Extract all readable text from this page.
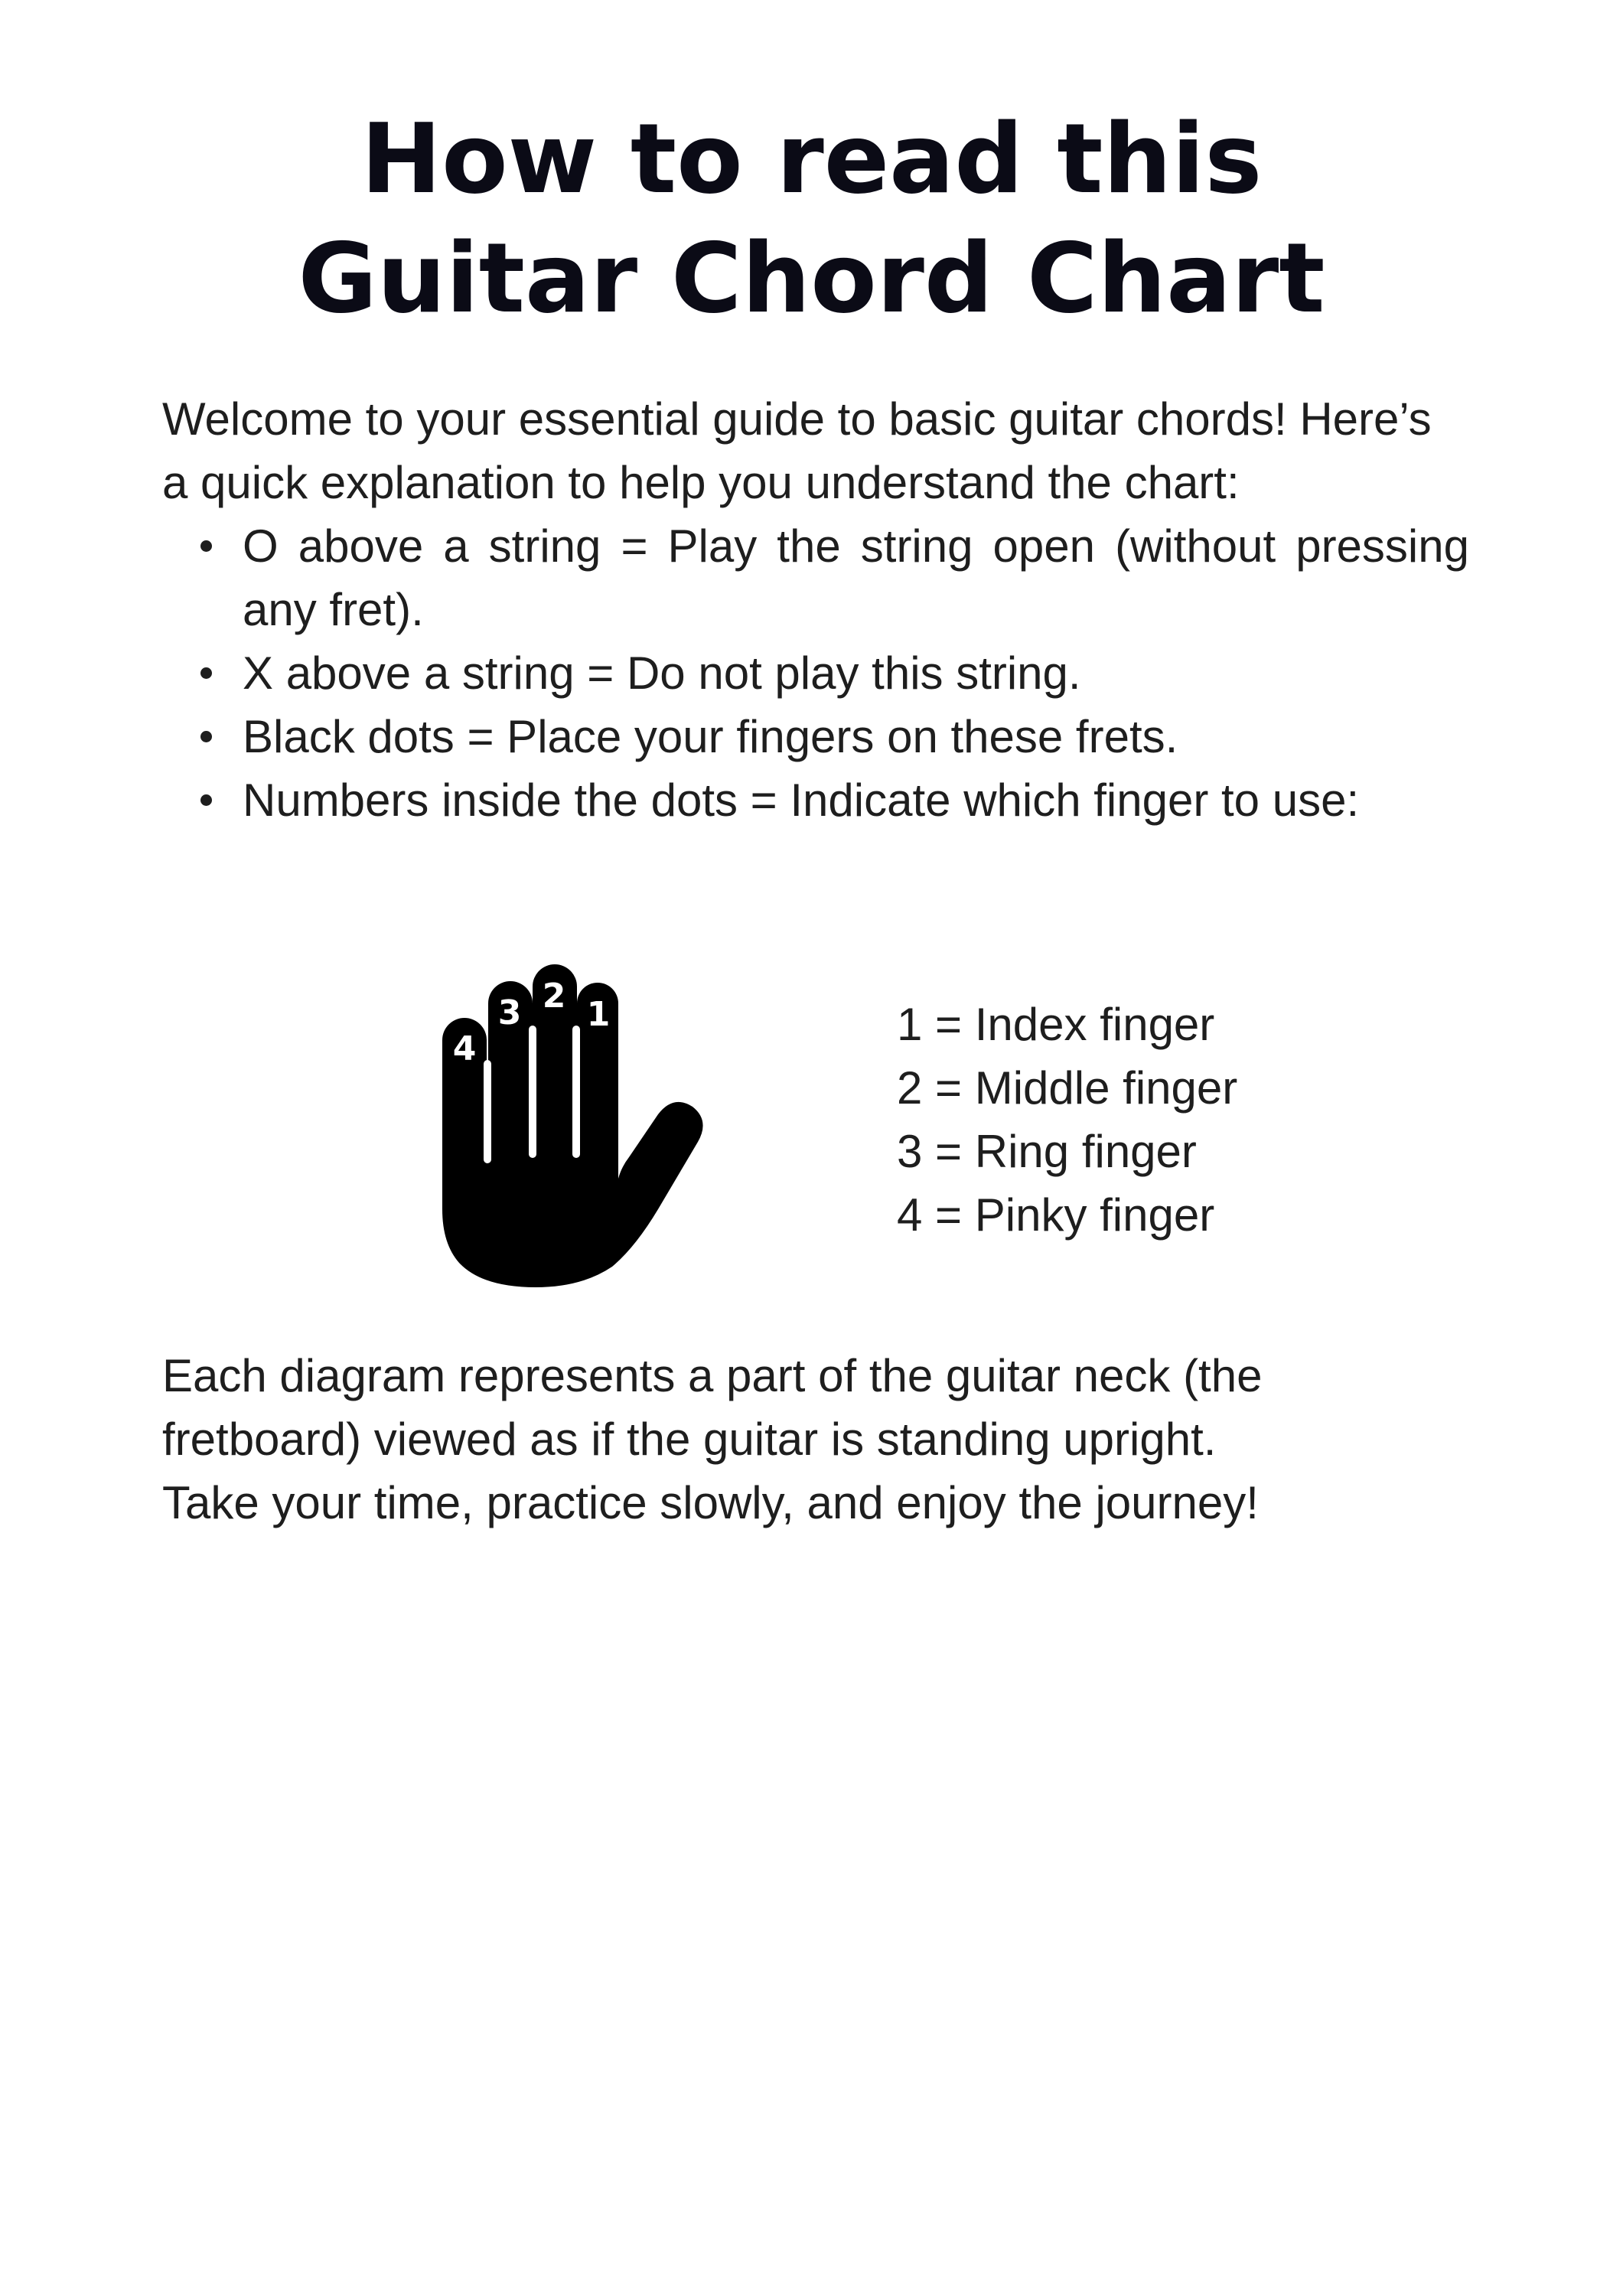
How to read this
Guitar Chord Chart

Welcome to your essential guide to basic guitar chords! Here’s a quick explanation to help you understand the chart:

O above a string = Play the string open (without pressing any fret).
X above a string = Do not play this string.
Black dots = Place your fingers on these frets.
Numbers inside the dots = Indicate which finger to use:
4
3 2 1	1 = Index finger
2 = Middle finger
3 = Ring finger
4 = Pinky finger

Each diagram represents a part of the guitar neck (the
fretboard) viewed as if the guitar is standing upright.
Take your time, practice slowly, and enjoy the journey!
